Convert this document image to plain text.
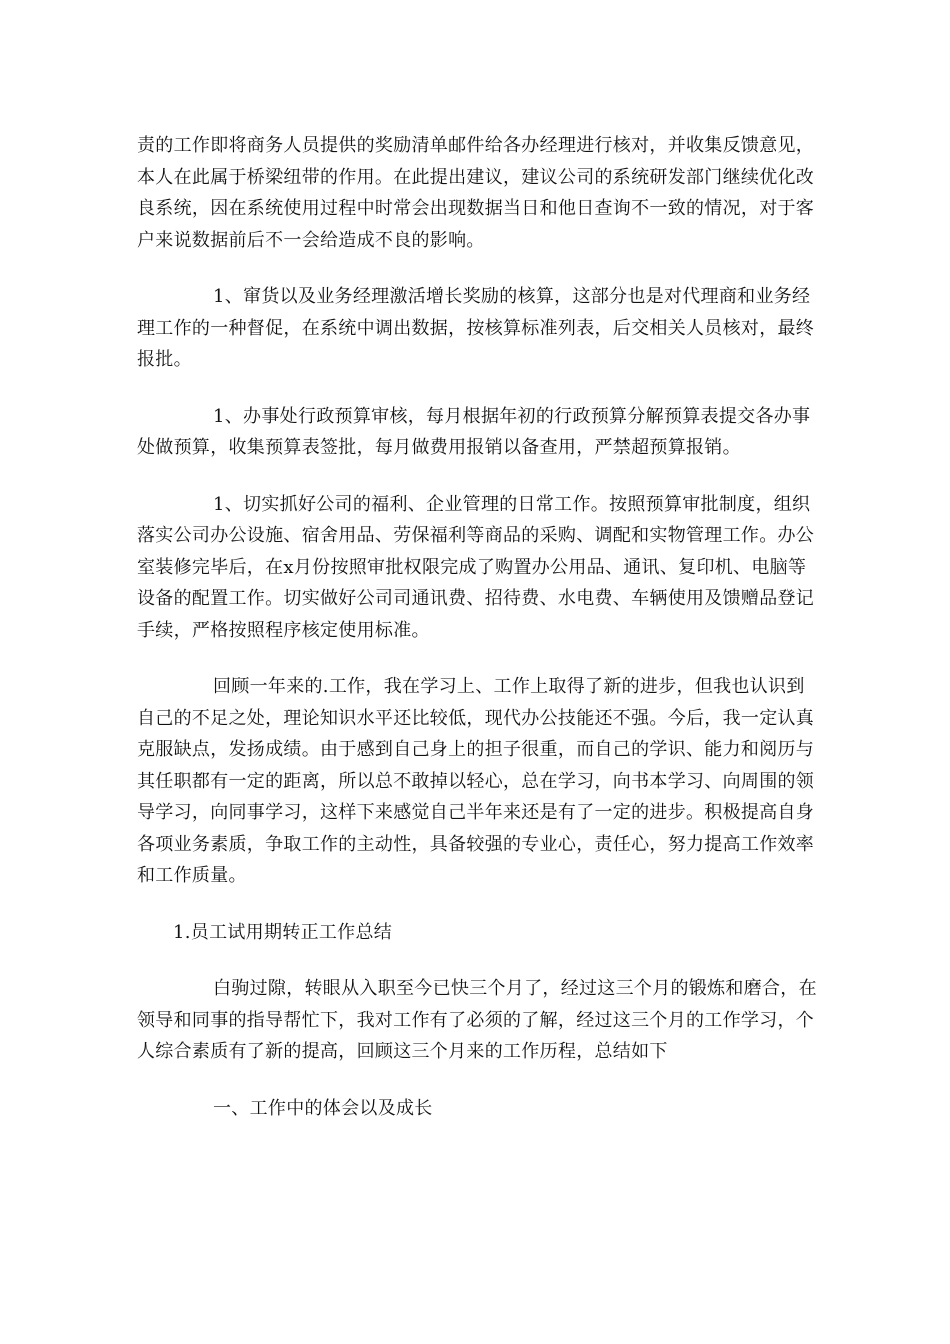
责的工作即将商务人员提供的奖励清单邮件给各办经理进行核对，并收集反馈意见，本人在此属于桥梁纽带的作用。在此提出建议，建议公司的系统研发部门继续优化改良系统，因在系统使用过程中时常会出现数据当日和他日查询不一致的情况，对于客户来说数据前后不一会给造成不良的影响。

1、窜货以及业务经理激活增长奖励的核算，这部分也是对代理商和业务经理工作的一种督促，在系统中调出数据，按核算标准列表，后交相关人员核对，最终报批。

1、办事处行政预算审核，每月根据年初的行政预算分解预算表提交各办事处做预算，收集预算表签批，每月做费用报销以备查用，严禁超预算报销。

1、切实抓好公司的福利、企业管理的日常工作。按照预算审批制度，组织落实公司办公设施、宿舍用品、劳保福利等商品的采购、调配和实物管理工作。办公室装修完毕后，在x月份按照审批权限完成了购置办公用品、通讯、复印机、电脑等设备的配置工作。切实做好公司司通讯费、招待费、水电费、车辆使用及馈赠品登记手续，严格按照程序核定使用标准。

回顾一年来的.工作，我在学习上、工作上取得了新的进步，但我也认识到自己的不足之处，理论知识水平还比较低，现代办公技能还不强。今后，我一定认真克服缺点，发扬成绩。由于感到自己身上的担子很重，而自己的学识、能力和阅历与其任职都有一定的距离，所以总不敢掉以轻心，总在学习，向书本学习、向周围的领导学习，向同事学习，这样下来感觉自己半年来还是有了一定的进步。积极提高自身各项业务素质，争取工作的主动性，具备较强的专业心，责任心，努力提高工作效率和工作质量。

1.员工试用期转正工作总结

白驹过隙，转眼从入职至今已快三个月了，经过这三个月的锻炼和磨合，在领导和同事的指导帮忙下，我对工作有了必须的了解，经过这三个月的工作学习，个人综合素质有了新的提高，回顾这三个月来的工作历程，总结如下

一、工作中的体会以及成长
